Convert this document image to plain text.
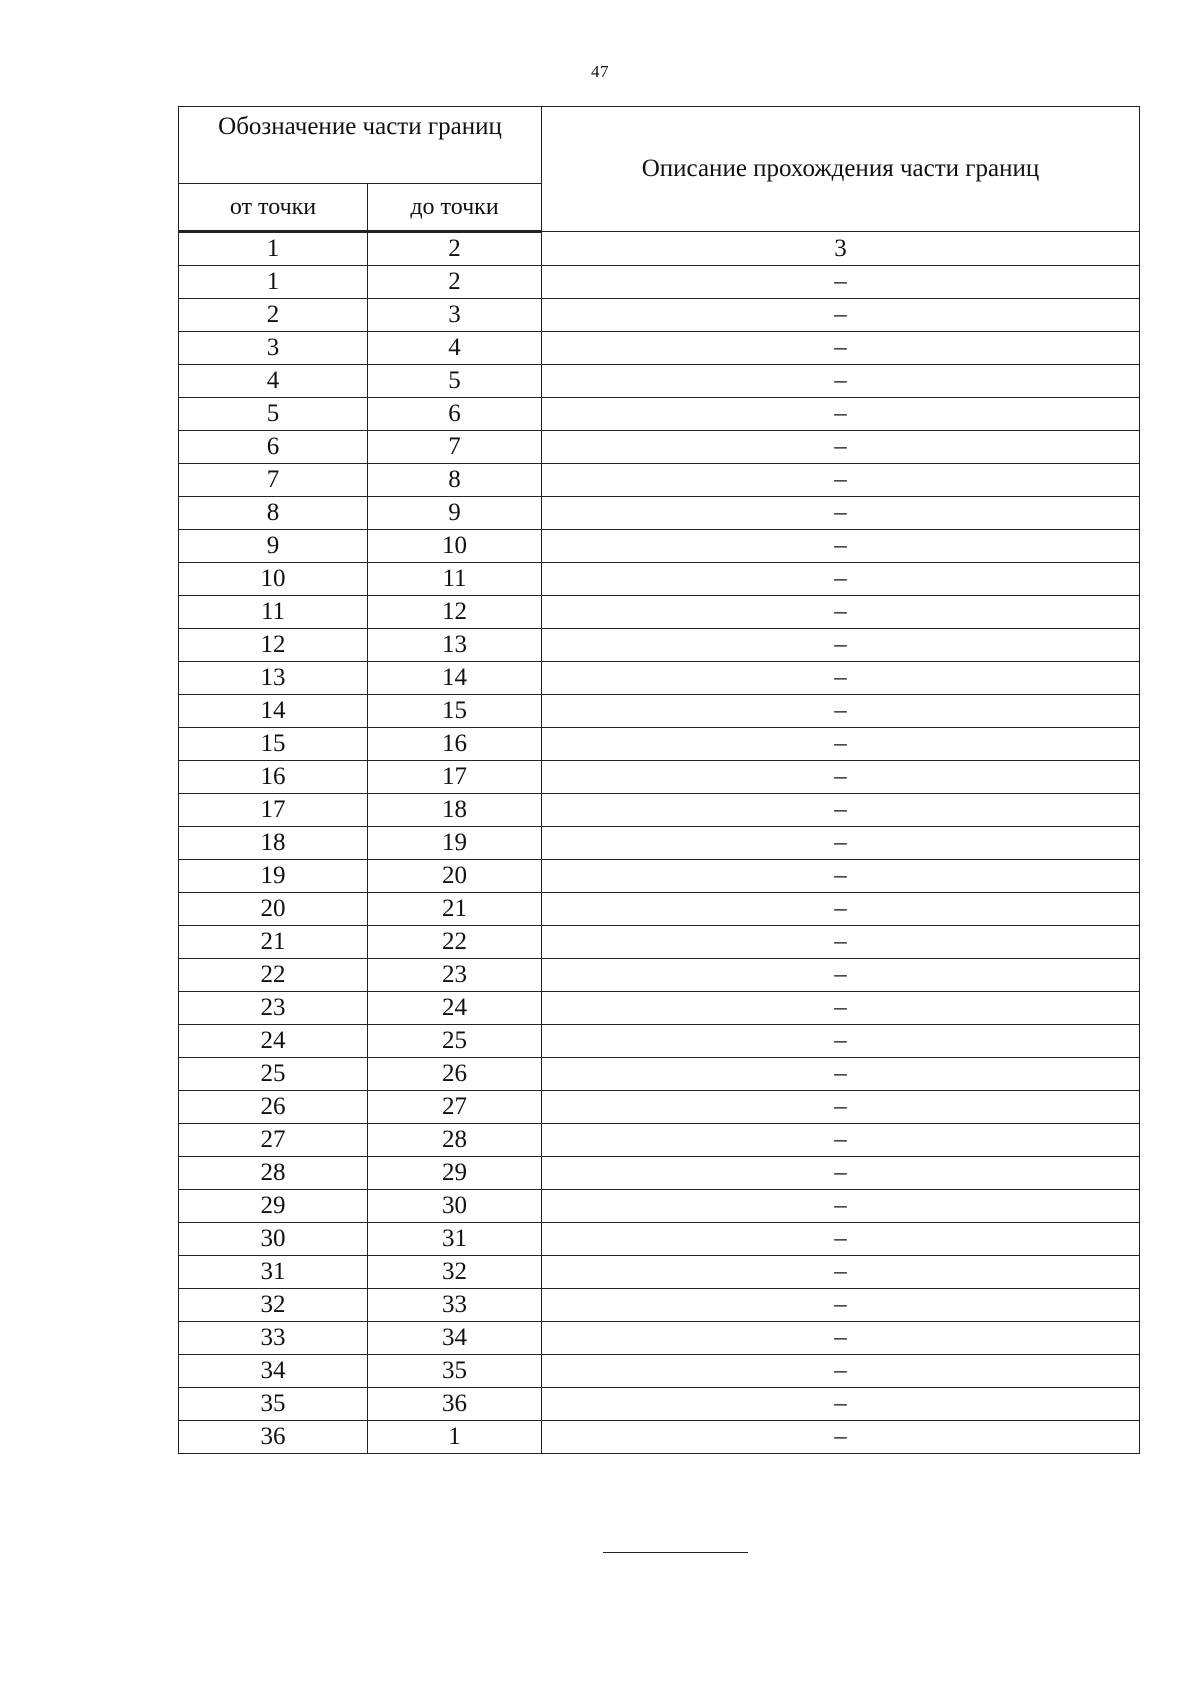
47
Обозначение части границ		Описание прохождения части границ
от точки	до точки	
1	2	3
1	2	–
2	3	–
3	4	–
4	5	–
5	6	–
6	7	–
7	8	–
8	9	–
9	10	–
10	11	–
11	12	–
12	13	–
13	14	–
14	15	–
15	16	–
16	17	–
17	18	–
18	19	–
19	20	–
20	21	–
21	22	–
22	23	–
23	24	–
24	25	–
25	26	–
26	27	–
27	28	–
28	29	–
29	30	–
30	31	–
31	32	–
32	33	–
33	34	–
34	35	–
35	36	–
36	1	–
